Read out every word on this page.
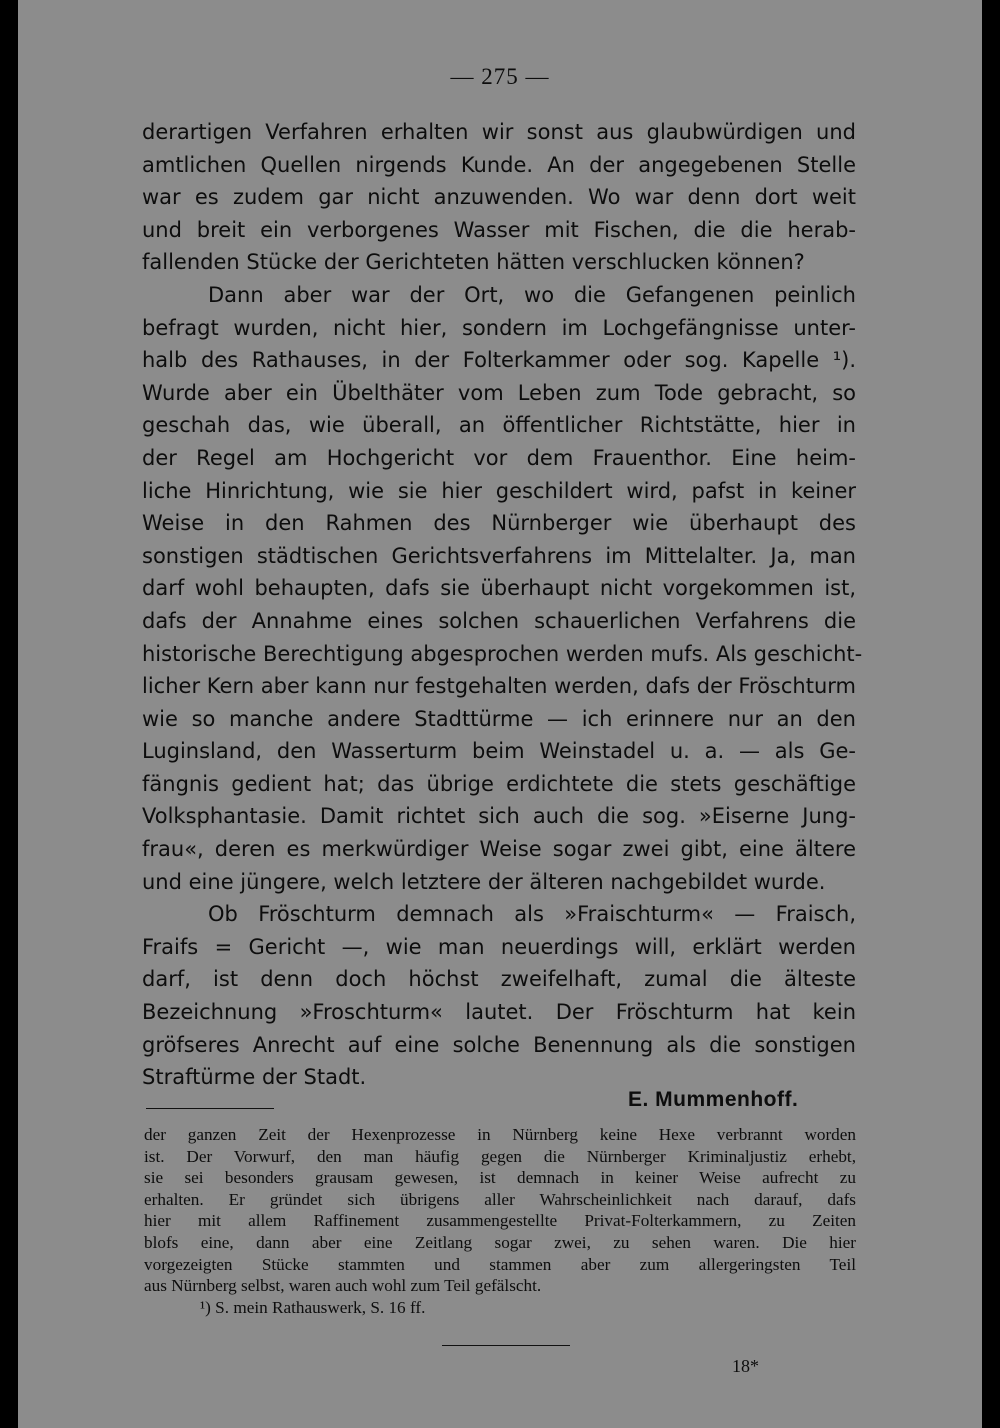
— 275 —
derartigen Verfahren erhalten wir sonst aus glaubwürdigen und
amtlichen Quellen nirgends Kunde. An der angegebenen Stelle
war es zudem gar nicht anzuwenden. Wo war denn dort weit
und breit ein verborgenes Wasser mit Fischen, die die herab-
fallenden Stücke der Gerichteten hätten verschlucken können?
Dann aber war der Ort, wo die Gefangenen peinlich
befragt wurden, nicht hier, sondern im Lochgefängnisse unter-
halb des Rathauses, in der Folterkammer oder sog. Kapelle ¹).
Wurde aber ein Übelthäter vom Leben zum Tode gebracht, so
geschah das, wie überall, an öffentlicher Richtstätte, hier in
der Regel am Hochgericht vor dem Frauenthor. Eine heim-
liche Hinrichtung, wie sie hier geschildert wird, pafst in keiner
Weise in den Rahmen des Nürnberger wie überhaupt des
sonstigen städtischen Gerichtsverfahrens im Mittelalter. Ja, man
darf wohl behaupten, dafs sie überhaupt nicht vorgekommen ist,
dafs der Annahme eines solchen schauerlichen Verfahrens die
historische Berechtigung abgesprochen werden mufs. Als geschicht-
licher Kern aber kann nur festgehalten werden, dafs der Fröschturm
wie so manche andere Stadttürme — ich erinnere nur an den
Luginsland, den Wasserturm beim Weinstadel u. a. — als Ge-
fängnis gedient hat; das übrige erdichtete die stets geschäftige
Volksphantasie. Damit richtet sich auch die sog. »Eiserne Jung-
frau«, deren es merkwürdiger Weise sogar zwei gibt, eine ältere
und eine jüngere, welch letztere der älteren nachgebildet wurde.
Ob Fröschturm demnach als »Fraischturm« — Fraisch,
Fraifs = Gericht —, wie man neuerdings will, erklärt werden
darf, ist denn doch höchst zweifelhaft, zumal die älteste
Bezeichnung »Froschturm« lautet. Der Fröschturm hat kein
gröfseres Anrecht auf eine solche Benennung als die sonstigen
Straftürme der Stadt.
E. Mummenhoff.
der ganzen Zeit der Hexenprozesse in Nürnberg keine Hexe verbrannt worden
ist. Der Vorwurf, den man häufig gegen die Nürnberger Kriminaljustiz erhebt,
sie sei besonders grausam gewesen, ist demnach in keiner Weise aufrecht zu
erhalten. Er gründet sich übrigens aller Wahrscheinlichkeit nach darauf, dafs
hier mit allem Raffinement zusammengestellte Privat-Folterkammern, zu Zeiten
blofs eine, dann aber eine Zeitlang sogar zwei, zu sehen waren. Die hier
vorgezeigten Stücke stammten und stammen aber zum allergeringsten Teil
aus Nürnberg selbst, waren auch wohl zum Teil gefälscht.
¹) S. mein Rathauswerk, S. 16 ff.
18*
